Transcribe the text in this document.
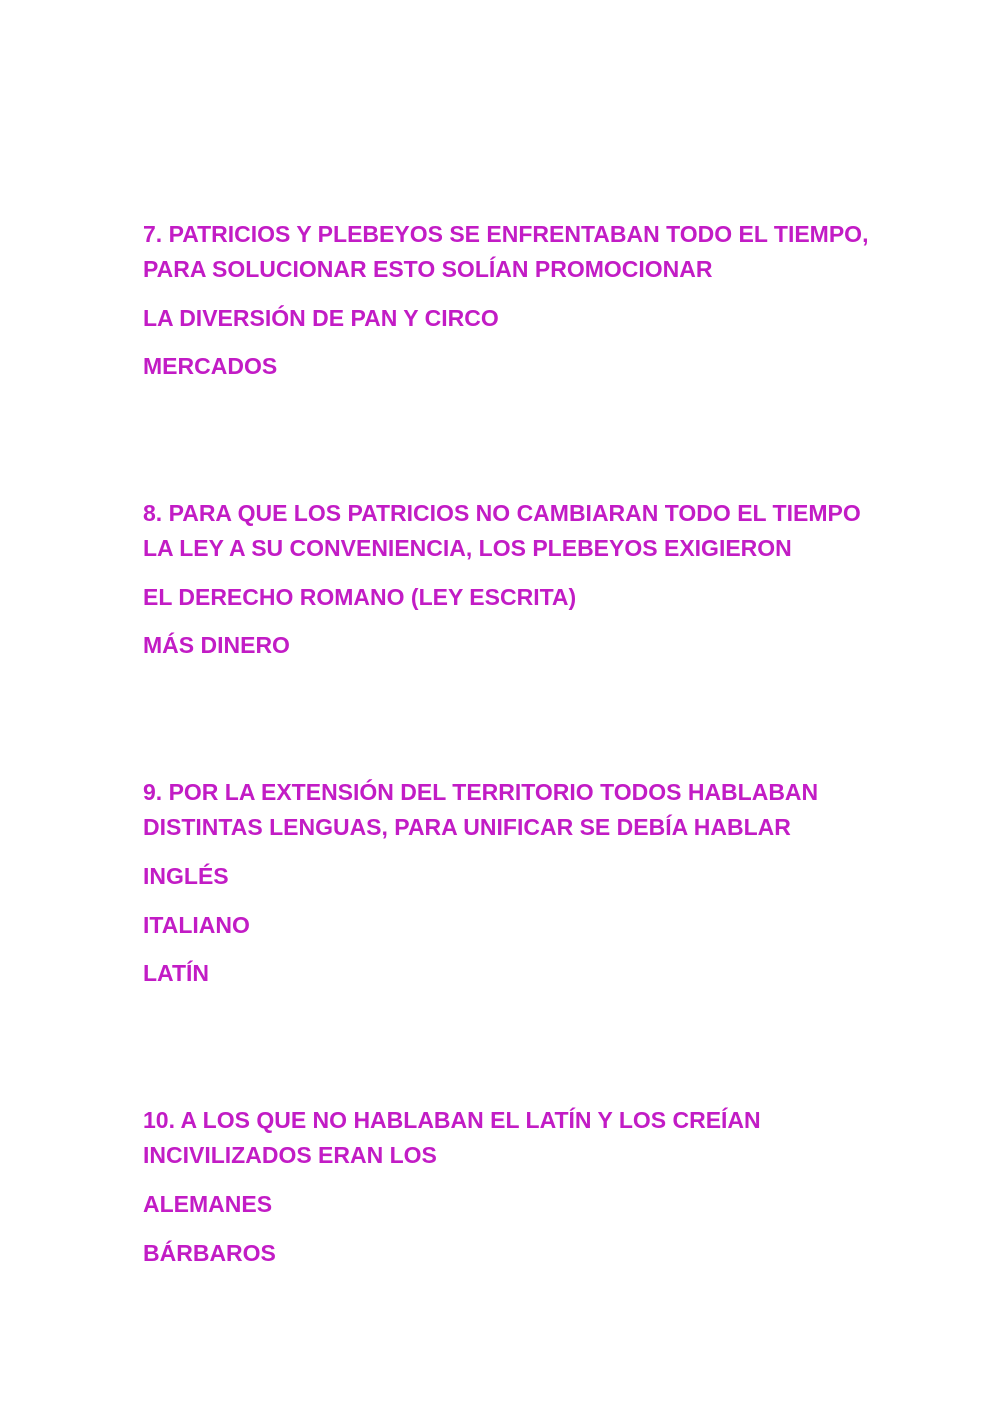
7. PATRICIOS Y PLEBEYOS SE ENFRENTABAN TODO EL TIEMPO,

PARA SOLUCIONAR ESTO SOLÍAN PROMOCIONAR

LA DIVERSIÓN DE PAN Y CIRCO

MERCADOS

8. PARA QUE LOS PATRICIOS NO CAMBIARAN TODO EL TIEMPO

LA LEY A SU CONVENIENCIA, LOS PLEBEYOS EXIGIERON

EL DERECHO ROMANO (LEY ESCRITA)

MÁS DINERO

9. POR LA EXTENSIÓN DEL TERRITORIO TODOS HABLABAN

DISTINTAS LENGUAS, PARA UNIFICAR SE DEBÍA HABLAR

INGLÉS

ITALIANO

LATÍN

10. A LOS QUE NO HABLABAN EL LATÍN Y LOS CREÍAN

INCIVILIZADOS ERAN LOS

ALEMANES

BÁRBAROS
